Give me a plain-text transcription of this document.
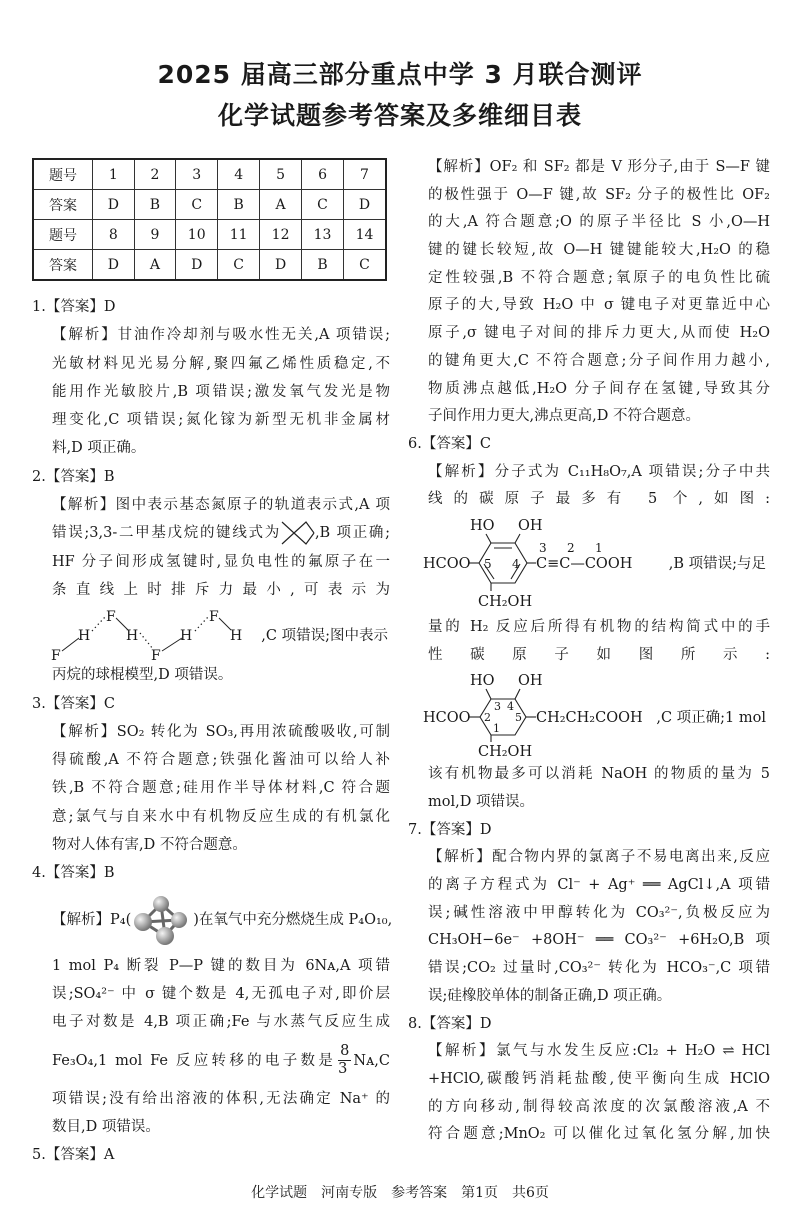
2025 届高三部分重点中学 3 月联合测评
化学试题参考答案及多维细目表
题号	1	2	3	4	5	6	7
答案	D	B	C	B	A	C	D
题号	8	9	10	11	12	13	14
答案	D	A	D	C	D	B	C
1.【答案】D
【解析】甘油作冷却剂与吸水性无关,A 项错误;
光敏材料见光易分解,聚四氟乙烯性质稳定,不
能用作光敏胶片,B 项错误;激发氧气发光是物
理变化,C 项错误;氮化镓为新型无机非金属材
料,D 项正确。
2.【答案】B
【解析】图中表示基态氮原子的轨道表示式,A 项
错误;3,3-二甲基戊烷的键线式为 ,B 项正确;
HF 分子间形成氢键时,显负电性的氟原子在一
条直线上时排斥力最小,可表示为
F
H
F
H
F
H
F
H ,C 项错误;图中表示
丙烷的球棍模型,D 项错误。
3.【答案】C
【解析】SO₂ 转化为 SO₃,再用浓硫酸吸收,可制
得硫酸,A 不符合题意;铁强化酱油可以给人补
铁,B 不符合题意;硅用作半导体材料,C 符合题
意;氯气与自来水中有机物反应生成的有机氯化
物对人体有害,D 不符合题意。
4.【答案】B
【解析】P₄(	)在氧气中充分燃烧生成 P₄O₁₀,
1 mol P₄ 断裂 P—P 键的数目为 6Nᴀ,A 项错
误;SO₄²⁻ 中 σ 键个数是 4,无孤电子对,即价层
电子对数是 4,B 项正确;Fe 与水蒸气反应生成
Fe₃O₄,1 mol Fe 反应转移的电子数是 $\frac{8}{3}$ Nᴀ,C
项错误;没有给出溶液的体积,无法确定 Na⁺ 的
数目,D 项错误。
5.【答案】A
【解析】OF₂ 和 SF₂ 都是 V 形分子,由于 S—F 键
的极性强于 O—F 键,故 SF₂ 分子的极性比 OF₂
的大,A 符合题意;O 的原子半径比 S 小,O—H
键的键长较短,故 O—H 键键能较大,H₂O 的稳
定性较强,B 不符合题意;氧原子的电负性比硫
原子的大,导致 H₂O 中 σ 键电子对更靠近中心
原子,σ 键电子对间的排斥力更大,从而使 H₂O
的键角更大,C 不符合题意;分子间作用力越小,
物质沸点越低,H₂O 分子间存在氢键,导致其分
子间作用力更大,沸点更高,D 不符合题意。
6.【答案】C
【解析】分子式为 C₁₁H₈O₇,A 项错误;分子中共
线的碳原子最多有 5 个,如图:
HO OH
HCOO	C≡C—COOH	,B 项错误;与足
CH₂OH
5 4
3 2 1
量的 H₂ 反应后所得有机物的结构简式中的手
性碳原子如图所示:
HO OH
HCOO	CH₂CH₂COOH ,C 项正确;1 mol
CH₂OH
3 4
2 5
1
该有机物最多可以消耗 NaOH 的物质的量为 5
mol,D 项错误。
7.【答案】D
【解析】配合物内界的氯离子不易电离出来,反应
的离子方程式为 Cl⁻ + Ag⁺ ══ AgCl↓,A 项错
误;碱性溶液中甲醇转化为 CO₃²⁻,负极反应为
CH₃OH−6e⁻ +8OH⁻ ══ CO₃²⁻ +6H₂O,B 项
错误;CO₂ 过量时,CO₃²⁻ 转化为 HCO₃⁻,C 项错
误;硅橡胶单体的制备正确,D 项正确。
8.【答案】D
【解析】氯气与水发生反应:Cl₂ + H₂O ⇌ HCl
+HClO,碳酸钙消耗盐酸,使平衡向生成 HClO
的方向移动,制得较高浓度的次氯酸溶液,A 不
符合题意;MnO₂ 可以催化过氧化氢分解,加快
化学试题　河南专版　参考答案　第1页　共6页
